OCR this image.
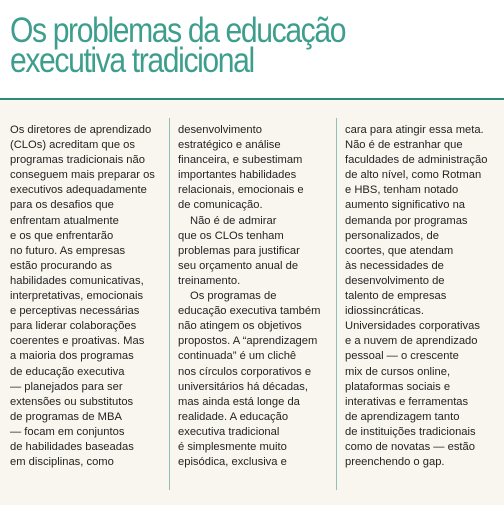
Os problemas da educação
executiva tradicional

Os diretores de aprendizado
(CLOs) acreditam que os
programas tradicionais não
conseguem mais preparar os
executivos adequadamente
para os desafios que
enfrentam atualmente
e os que enfrentarão
no futuro. As empresas
estão procurando as
habilidades comunicativas,
interpretativas, emocionais
e perceptivas necessárias
para liderar colaborações
coerentes e proativas. Mas
a maioria dos programas
de educação executiva
— planejados para ser
extensões ou substitutos
de programas de MBA
— focam em conjuntos
de habilidades baseadas
em disciplinas, como

desenvolvimento
estratégico e análise
financeira, e subestimam
importantes habilidades
relacionais, emocionais e
de comunicação.

Não é de admirar
que os CLOs tenham
problemas para justificar
seu orçamento anual de
treinamento.

Os programas de
educação executiva também
não atingem os objetivos
propostos. A “aprendizagem
continuada” é um clichê
nos círculos corporativos e
universitários há décadas,
mas ainda está longe da
realidade. A educação
executiva tradicional
é simplesmente muito
episódica, exclusiva e

cara para atingir essa meta.
Não é de estranhar que
faculdades de administração
de alto nível, como Rotman
e HBS, tenham notado
aumento significativo na
demanda por programas
personalizados, de
coortes, que atendam
às necessidades de
desenvolvimento de
talento de empresas
idiossincráticas.
Universidades corporativas
e a nuvem de aprendizado
pessoal — o crescente
mix de cursos online,
plataformas sociais e
interativas e ferramentas
de aprendizagem tanto
de instituições tradicionais
como de novatas — estão
preenchendo o gap.
